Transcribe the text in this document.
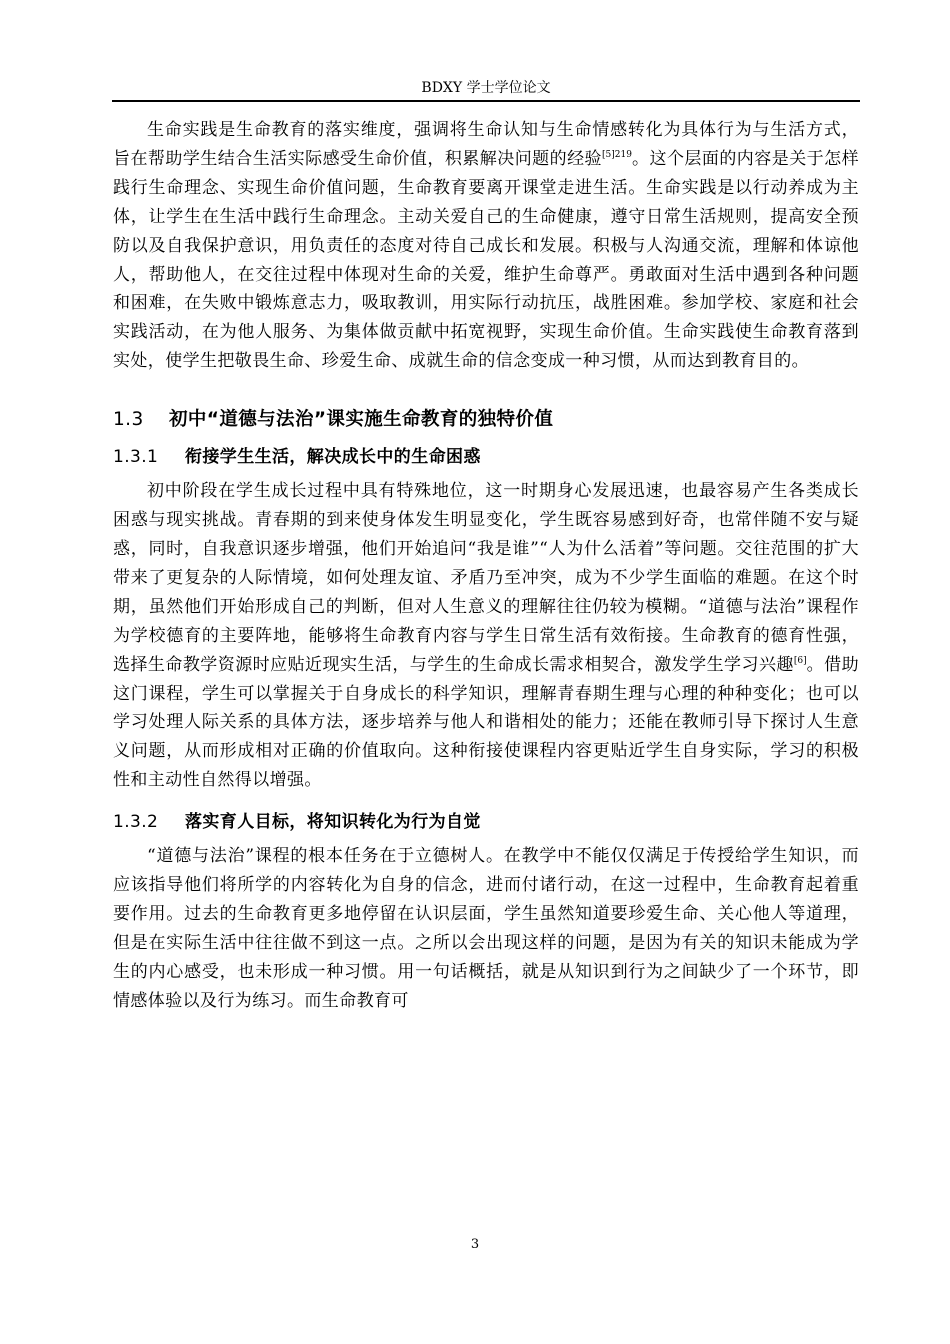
BDXY 学士学位论文

生命实践是生命教育的落实维度，强调将生命认知与生命情感转化为具体行为与生活方式，旨在帮助学生结合生活实际感受生命价值，积累解决问题的经验$^{[5]219}$。这个层面的内容是关于怎样践行生命理念、实现生命价值问题，生命教育要离开课堂走进生活。生命实践是以行动养成为主体，让学生在生活中践行生命理念。主动关爱自己的生命健康，遵守日常生活规则，提高安全预防以及自我保护意识，用负责任的态度对待自己成长和发展。积极与人沟通交流，理解和体谅他人，帮助他人，在交往过程中体现对生命的关爱，维护生命尊严。勇敢面对生活中遇到各种问题和困难，在失败中锻炼意志力，吸取教训，用实际行动抗压，战胜困难。参加学校、家庭和社会实践活动，在为他人服务、为集体做贡献中拓宽视野，实现生命价值。生命实践使生命教育落到实处，使学生把敬畏生命、珍爱生命、成就生命的信念变成一种习惯，从而达到教育目的。

1.3 初中“道德与法治”课实施生命教育的独特价值
1.3.1 衔接学生生活，解决成长中的生命困惑

初中阶段在学生成长过程中具有特殊地位，这一时期身心发展迅速，也最容易产生各类成长困惑与现实挑战。青春期的到来使身体发生明显变化，学生既容易感到好奇，也常伴随不安与疑惑，同时，自我意识逐步增强，他们开始追问“我是谁”“人为什么活着”等问题。交往范围的扩大带来了更复杂的人际情境，如何处理友谊、矛盾乃至冲突，成为不少学生面临的难题。在这个时期，虽然他们开始形成自己的判断，但对人生意义的理解往往仍较为模糊。“道德与法治”课程作为学校德育的主要阵地，能够将生命教育内容与学生日常生活有效衔接。生命教育的德育性强，选择生命教学资源时应贴近现实生活，与学生的生命成长需求相契合，激发学生学习兴趣[6]。借助这门课程，学生可以掌握关于自身成长的科学知识，理解青春期生理与心理的种种变化；也可以学习处理人际关系的具体方法，逐步培养与他人和谐相处的能力；还能在教师引导下探讨人生意义问题，从而形成相对正确的价值取向。这种衔接使课程内容更贴近学生自身实际，学习的积极性和主动性自然得以增强。

1.3.2 落实育人目标，将知识转化为行为自觉

“道德与法治”课程的根本任务在于立德树人。在教学中不能仅仅满足于传授给学生知识，而应该指导他们将所学的内容转化为自身的信念，进而付诸行动，在这一过程中，生命教育起着重要作用。过去的生命教育更多地停留在认识层面，学生虽然知道要珍爱生命、关心他人等道理，但是在实际生活中往往做不到这一点。之所以会出现这样的问题，是因为有关的知识未能成为学生的内心感受，也未形成一种习惯。用一句话概括，就是从知识到行为之间缺少了一个环节，即情感体验以及行为练习。而生命教育可

3
